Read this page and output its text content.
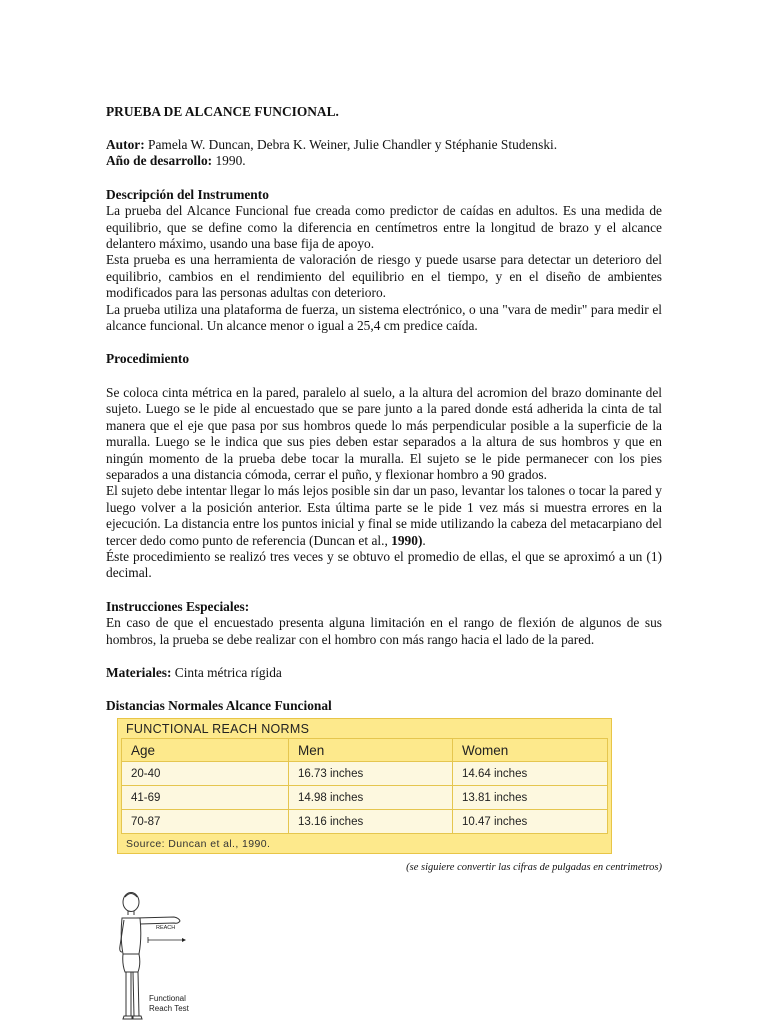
PRUEBA DE ALCANCE FUNCIONAL.

Autor: Pamela W. Duncan, Debra K. Weiner, Julie Chandler y Stéphanie Studenski.

Año de desarrollo: 1990.

Descripción del Instrumento

La prueba del Alcance Funcional fue creada como predictor de caídas en adultos. Es una medida de equilibrio, que se define como la diferencia en centímetros entre la longitud de brazo y el alcance delantero máximo, usando una base fija de apoyo.

Esta prueba es una herramienta de valoración de riesgo y puede usarse para detectar un deterioro del equilibrio, cambios en el rendimiento del equilibrio en el tiempo, y en el diseño de ambientes modificados para las personas adultas con deterioro.

La prueba utiliza una plataforma de fuerza, un sistema electrónico, o una "vara de medir" para medir el alcance funcional. Un alcance menor o igual a 25,4 cm predice caída.

Procedimiento

Se coloca cinta métrica en la pared, paralelo al suelo, a la altura del acromion del brazo dominante del sujeto. Luego se le pide al encuestado que se pare junto a la pared donde está adherida la cinta de tal manera que el eje que pasa por sus hombros quede lo más perpendicular posible a la superficie de la muralla. Luego se le indica que sus pies deben estar separados a la altura de sus hombros y que en ningún momento de la prueba debe tocar la muralla. El sujeto se le pide permanecer con los pies separados a una distancia cómoda, cerrar el puño, y flexionar hombro a 90 grados.

El sujeto debe intentar llegar lo más lejos posible sin dar un paso, levantar los talones o tocar la pared y luego volver a la posición anterior. Esta última parte se le pide 1 vez más si muestra errores en la ejecución. La distancia entre los puntos inicial y final se mide utilizando la cabeza del metacarpiano del tercer dedo como punto de referencia (Duncan et al., 1990).

Éste procedimiento se realizó tres veces y se obtuvo el promedio de ellas, el que se aproximó a un (1) decimal.

Instrucciones Especiales:

En caso de que el encuestado presenta alguna limitación en el rango de flexión de algunos de sus hombros, la prueba se debe realizar con el hombro con más rango hacia el lado de la pared.

Materiales: Cinta métrica rígida

Distancias Normales Alcance Funcional

FUNCTIONAL REACH NORMS
Age	Men	Women
20-40	16.73 inches	14.64 inches
41-69	14.98 inches	13.81 inches
70-87	13.16 inches	10.47 inches
Source: Duncan et al., 1990.
(se siguiere convertir las cifras de pulgadas en centrimetros)
REACH
Functional
Reach Test
